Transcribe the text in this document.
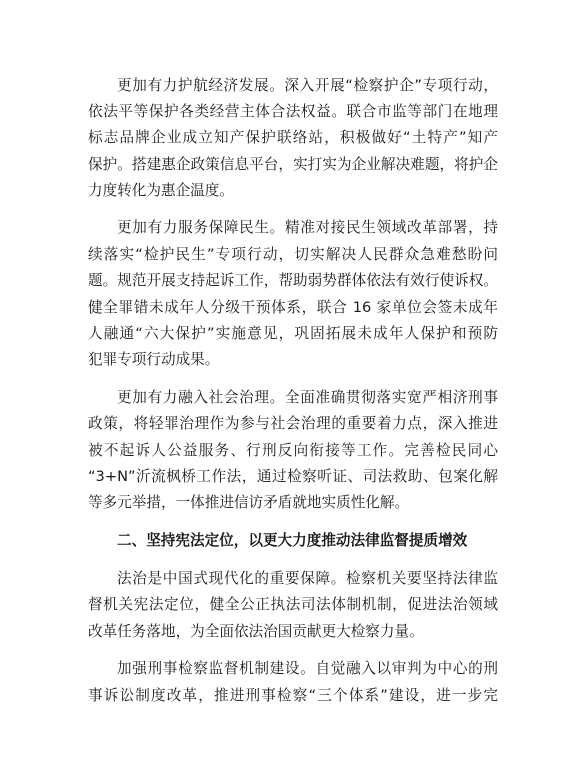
更加有力护航经济发展。深入开展“检察护企”专项行动，
依法平等保护各类经营主体合法权益。联合市监等部门在地理
标志品牌企业成立知产保护联络站，积极做好“土特产”知产
保护。搭建惠企政策信息平台，实打实为企业解决难题，将护企
力度转化为惠企温度。
更加有力服务保障民生。精准对接民生领域改革部署，持
续落实“检护民生”专项行动，切实解决人民群众急难愁盼问
题。规范开展支持起诉工作，帮助弱势群体依法有效行使诉权。
健全罪错未成年人分级干预体系，联合 16 家单位会签未成年
人融通“六大保护”实施意见，巩固拓展未成年人保护和预防
犯罪专项行动成果。
更加有力融入社会治理。全面准确贯彻落实宽严相济刑事
政策，将轻罪治理作为参与社会治理的重要着力点，深入推进
被不起诉人公益服务、行刑反向衔接等工作。完善检民同心
“3+N”沂流枫桥工作法，通过检察听证、司法救助、包案化解
等多元举措，一体推进信访矛盾就地实质性化解。
二、坚持宪法定位，以更大力度推动法律监督提质增效
法治是中国式现代化的重要保障。检察机关要坚持法律监
督机关宪法定位，健全公正执法司法体制机制，促进法治领域
改革任务落地，为全面依法治国贡献更大检察力量。
加强刑事检察监督机制建设。自觉融入以审判为中心的刑
事诉讼制度改革，推进刑事检察“三个体系”建设，进一步完
